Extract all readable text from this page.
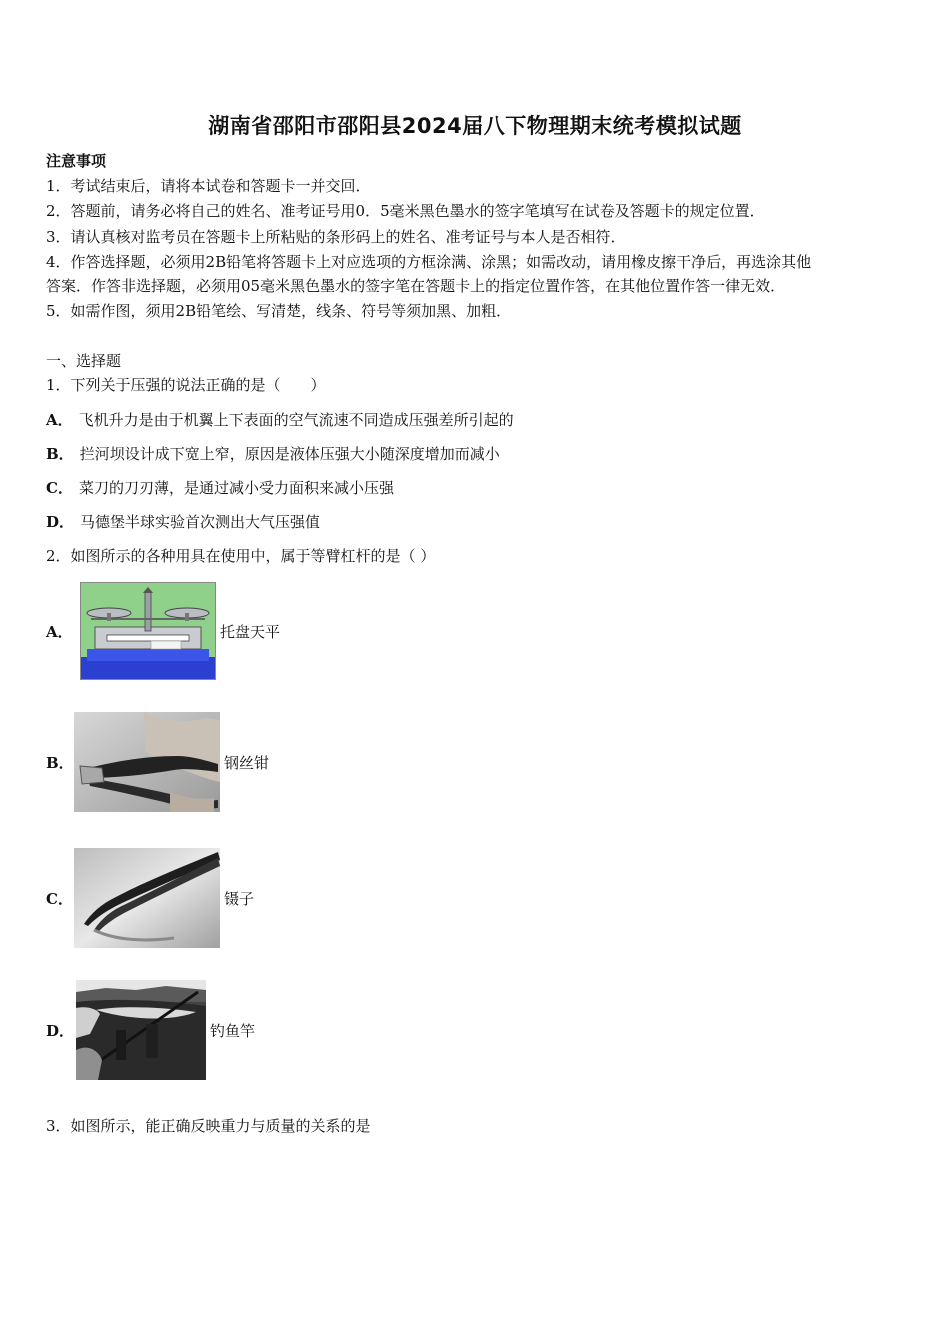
湖南省邵阳市邵阳县2024届八下物理期末统考模拟试题
注意事项
1．考试结束后，请将本试卷和答题卡一并交回．
2．答题前，请务必将自己的姓名、准考证号用0．5毫米黑色墨水的签字笔填写在试卷及答题卡的规定位置．
3．请认真核对监考员在答题卡上所粘贴的条形码上的姓名、准考证号与本人是否相符．
4．作答选择题，必须用2B铅笔将答题卡上对应选项的方框涂满、涂黑；如需改动，请用橡皮擦干净后，再选涂其他
答案．作答非选择题，必须用05毫米黑色墨水的签字笔在答题卡上的指定位置作答，在其他位置作答一律无效．
5．如需作图，须用2B铅笔绘、写清楚，线条、符号等须加黑、加粗．
一、选择题
1．下列关于压强的说法正确的是（　　）
A． 飞机升力是由于机翼上下表面的空气流速不同造成压强差所引起的
B． 拦河坝设计成下宽上窄，原因是液体压强大小随深度增加而减小
C． 菜刀的刀刃薄，是通过减小受力面积来减小压强
D． 马德堡半球实验首次测出大气压强值
2．如图所示的各种用具在使用中，属于等臂杠杆的是（ ）
A．	托盘天平
B．	钢丝钳
C．	镊子
D．	钓鱼竿
3．如图所示，能正确反映重力与质量的关系的是
